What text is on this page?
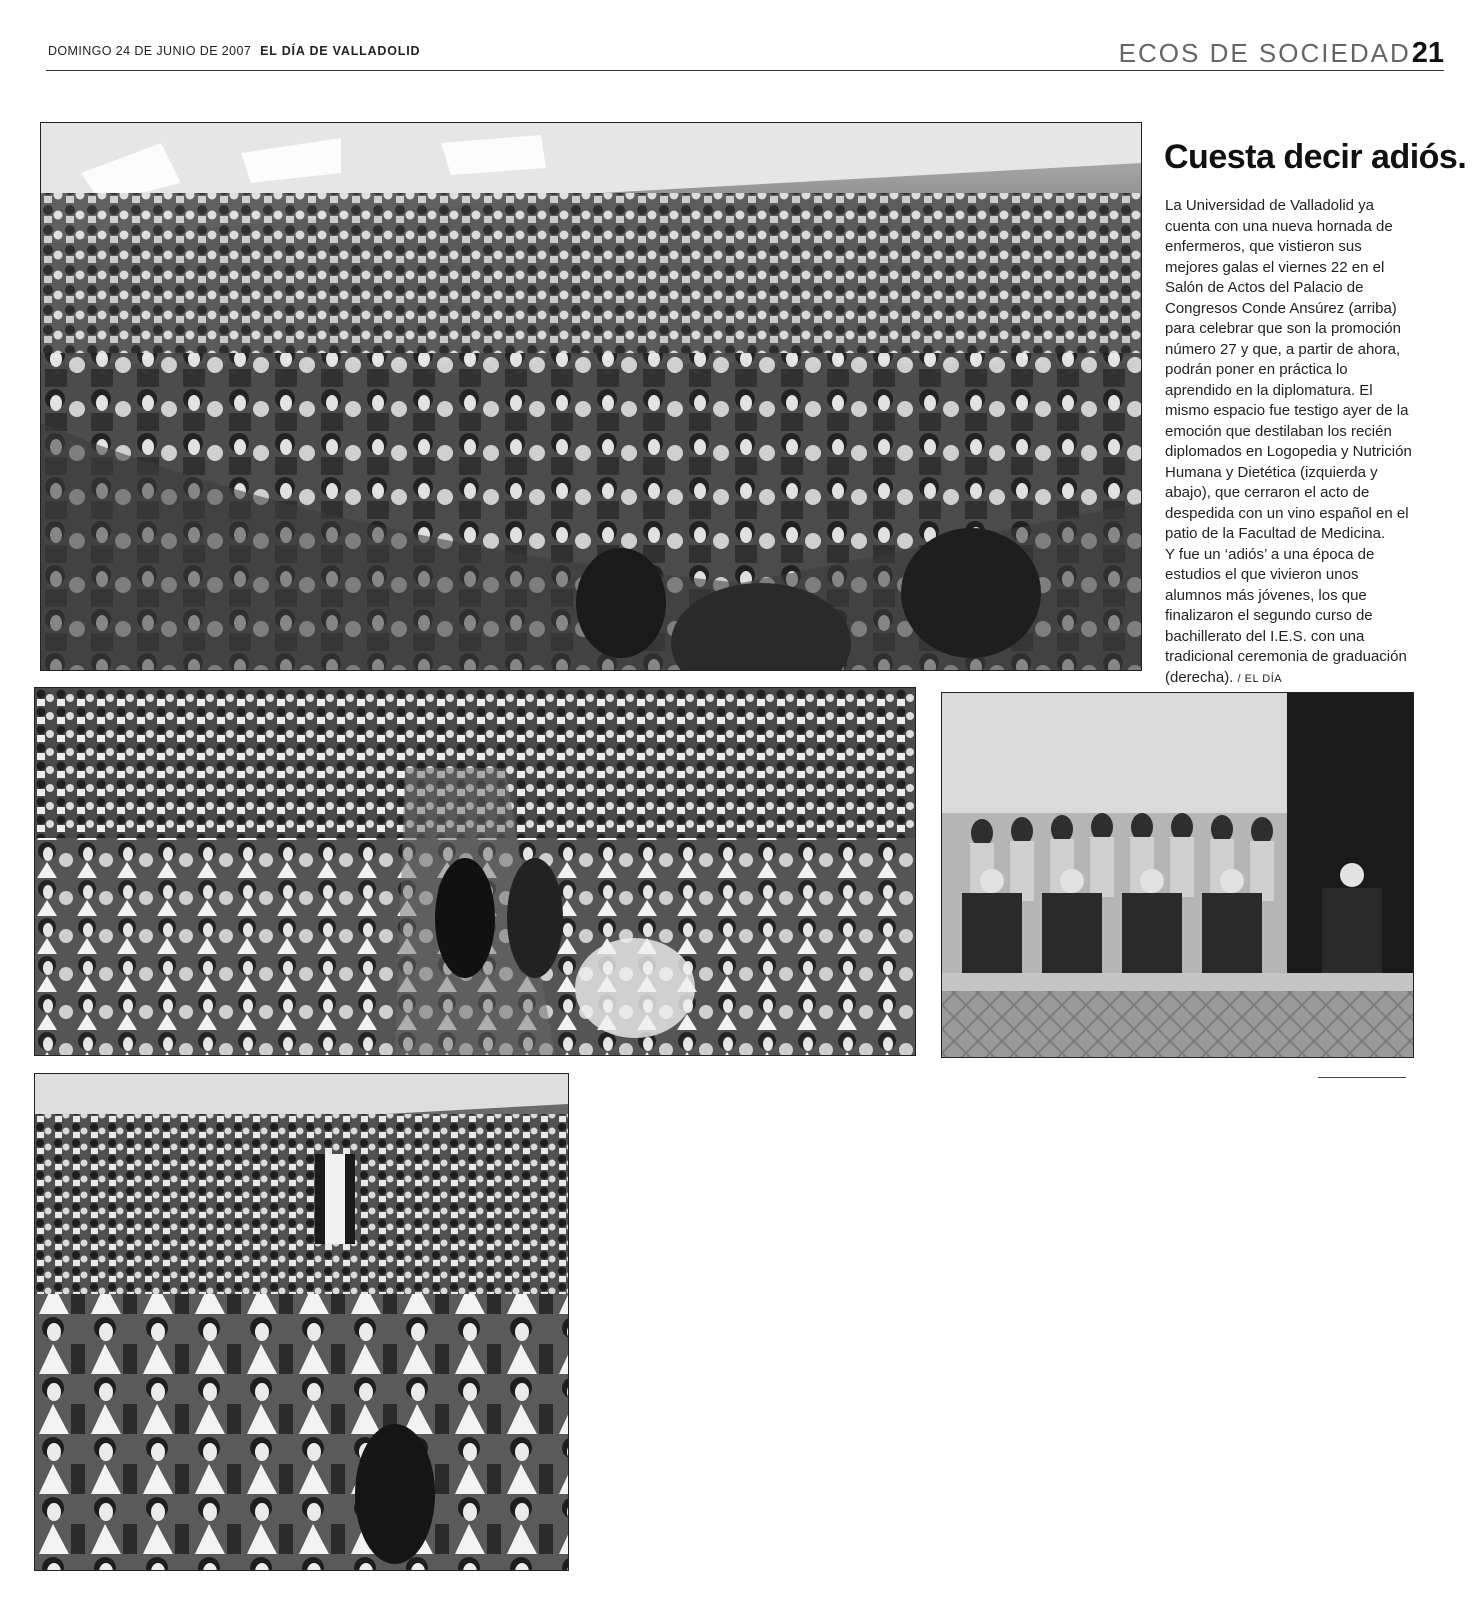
DOMINGO 24 DE JUNIO DE 2007 EL DÍA DE VALLADOLID	ECOS DE SOCIEDAD21
Cuesta decir adiós.

La Universidad de Valladolid ya cuenta con una nueva hornada de enfermeros, que vistieron sus mejores galas el viernes 22 en el Salón de Actos del Palacio de Congresos Conde Ansúrez (arriba) para celebrar que son la promoción número 27 y que, a partir de ahora, podrán poner en práctica lo aprendido en la diplomatura. El mismo espacio fue testigo ayer de la emoción que destilaban los recién diplomados en Logopedia y Nutrición Humana y Dietética (izquierda y abajo), que cerraron el acto de despedida con un vino español en el patio de la Facultad de Medicina.

Y fue un ‘adiós’ a una época de estudios el que vivieron unos alumnos más jóvenes, los que finalizaron el segundo curso de bachillerato del I.E.S. con una tradicional ceremonia de graduación (derecha). / EL DÍA
